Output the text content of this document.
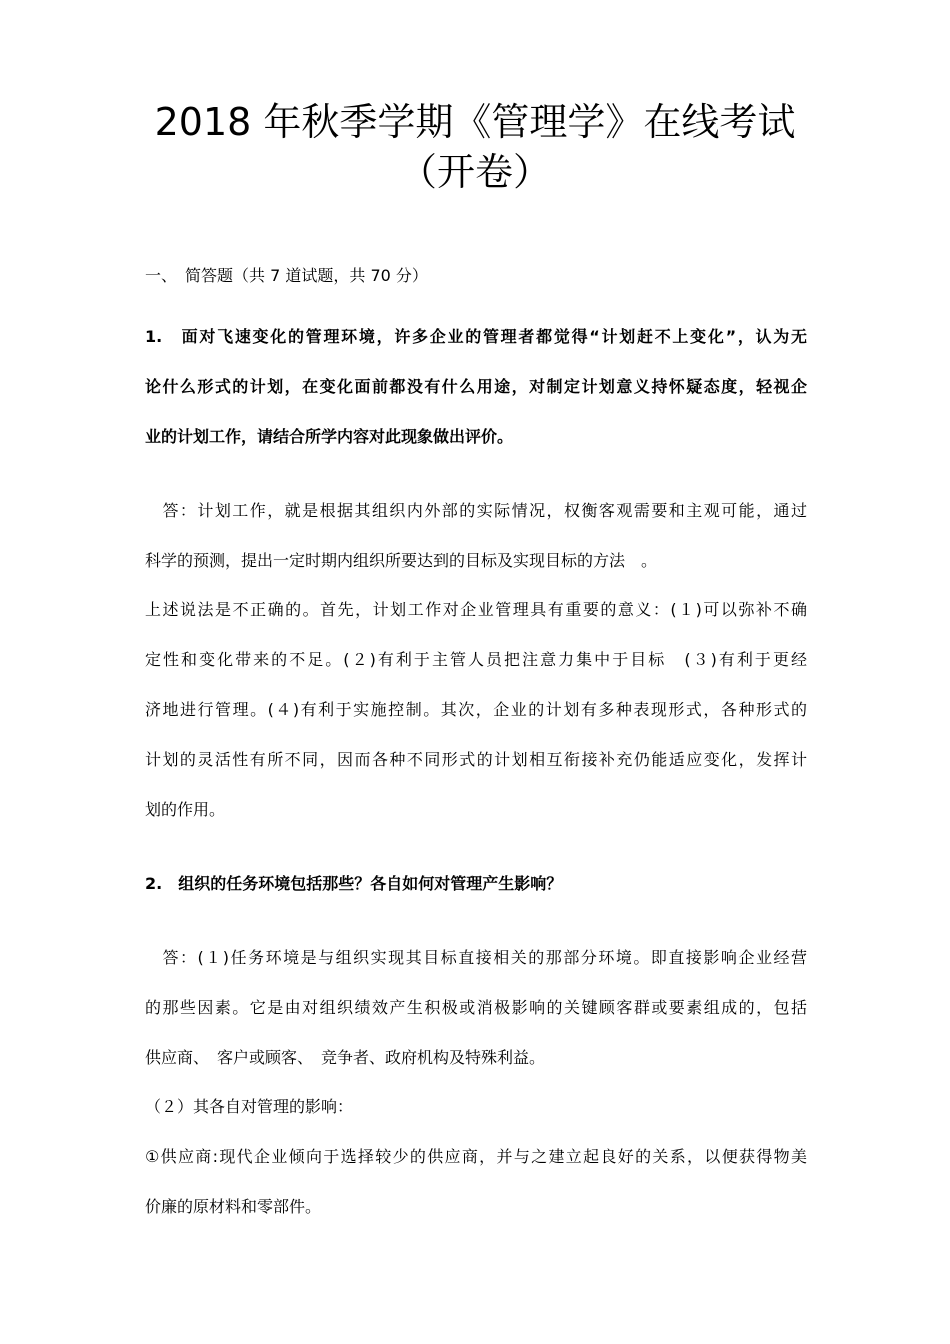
2018 年秋季学期《管理学》在线考试
（开卷）
一、　简答题（共 7 道试题，共 70 分）
1.　面对飞速变化的管理环境，许多企业的管理者都觉得“计划赶不上变化”，认为无
论什么形式的计划，在变化面前都没有什么用途，对制定计划意义持怀疑态度，轻视企
业的计划工作，请结合所学内容对此现象做出评价。
　答：计划工作，就是根据其组织内外部的实际情况，权衡客观需要和主观可能，通过
科学的预测，提出一定时期内组织所要达到的目标及实现目标的方法　。
上述说法是不正确的。首先，计划工作对企业管理具有重要的意义：(１)可以弥补不确
定性和变化带来的不足。(２)有利于主管人员把注意力集中于目标　(３)有利于更经
济地进行管理。(４)有利于实施控制。其次，企业的计划有多种表现形式，各种形式的
计划的灵活性有所不同，因而各种不同形式的计划相互衔接补充仍能适应变化，发挥计
划的作用。
2.　组织的任务环境包括那些？各自如何对管理产生影响？
　答：(１)任务环境是与组织实现其目标直接相关的那部分环境。即直接影响企业经营
的那些因素。它是由对组织绩效产生积极或消极影响的关键顾客群或要素组成的，包括
供应商、　客户或顾客、　竞争者、政府机构及特殊利益。
（２）其各自对管理的影响：
①供应商:现代企业倾向于选择较少的供应商，并与之建立起良好的关系，以便获得物美
价廉的原材料和零部件。
